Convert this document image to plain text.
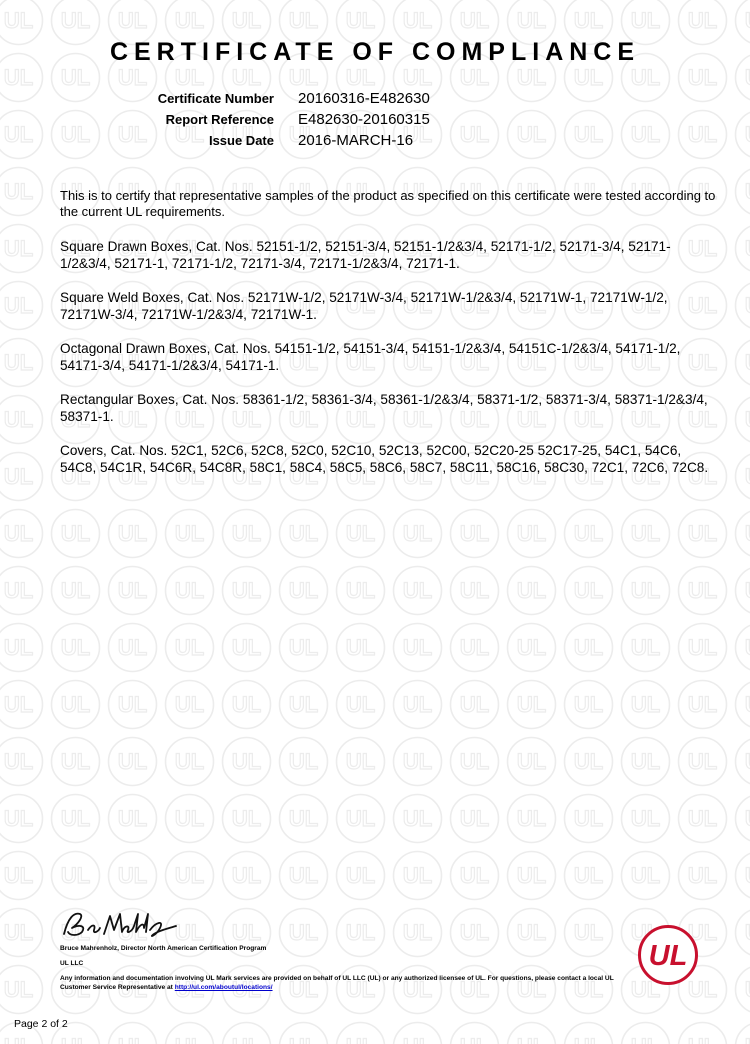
CERTIFICATE OF COMPLIANCE
Certificate Number 20160316-E482630
Report Reference E482630-20160315
Issue Date 2016-MARCH-16

This is to certify that representative samples of the product as specified on this certificate were tested according to the current UL requirements.

Square Drawn Boxes, Cat. Nos. 52151-1/2, 52151-3/4, 52151-1/2&3/4, 52171-1/2, 52171-3/4, 52171-1/2&3/4, 52171-1, 72171-1/2, 72171-3/4, 72171-1/2&3/4, 72171-1.

Square Weld Boxes, Cat. Nos. 52171W-1/2, 52171W-3/4, 52171W-1/2&3/4, 52171W-1, 72171W-1/2, 72171W-3/4, 72171W-1/2&3/4, 72171W-1.

Octagonal Drawn Boxes, Cat. Nos. 54151-1/2, 54151-3/4, 54151-1/2&3/4, 54151C-1/2&3/4, 54171-1/2, 54171-3/4, 54171-1/2&3/4, 54171-1.

Rectangular Boxes, Cat. Nos. 58361-1/2, 58361-3/4, 58361-1/2&3/4, 58371-1/2, 58371-3/4, 58371-1/2&3/4, 58371-1.

Covers, Cat. Nos. 52C1, 52C6, 52C8, 52C0, 52C10, 52C13, 52C00, 52C20-25 52C17-25, 54C1, 54C6, 54C8, 54C1R, 54C6R, 54C8R, 58C1, 58C4, 58C5, 58C6, 58C7, 58C11, 58C16, 58C30, 72C1, 72C6, 72C8.

Bruce Mahrenholz, Director North American Certification Program
UL LLC
Any information and documentation involving UL Mark services are provided on behalf of UL LLC (UL) or any authorized licensee of UL. For questions, please contact a local UL Customer Service Representative at http://ul.com/aboutul/locations/
UL
Page 2 of 2
